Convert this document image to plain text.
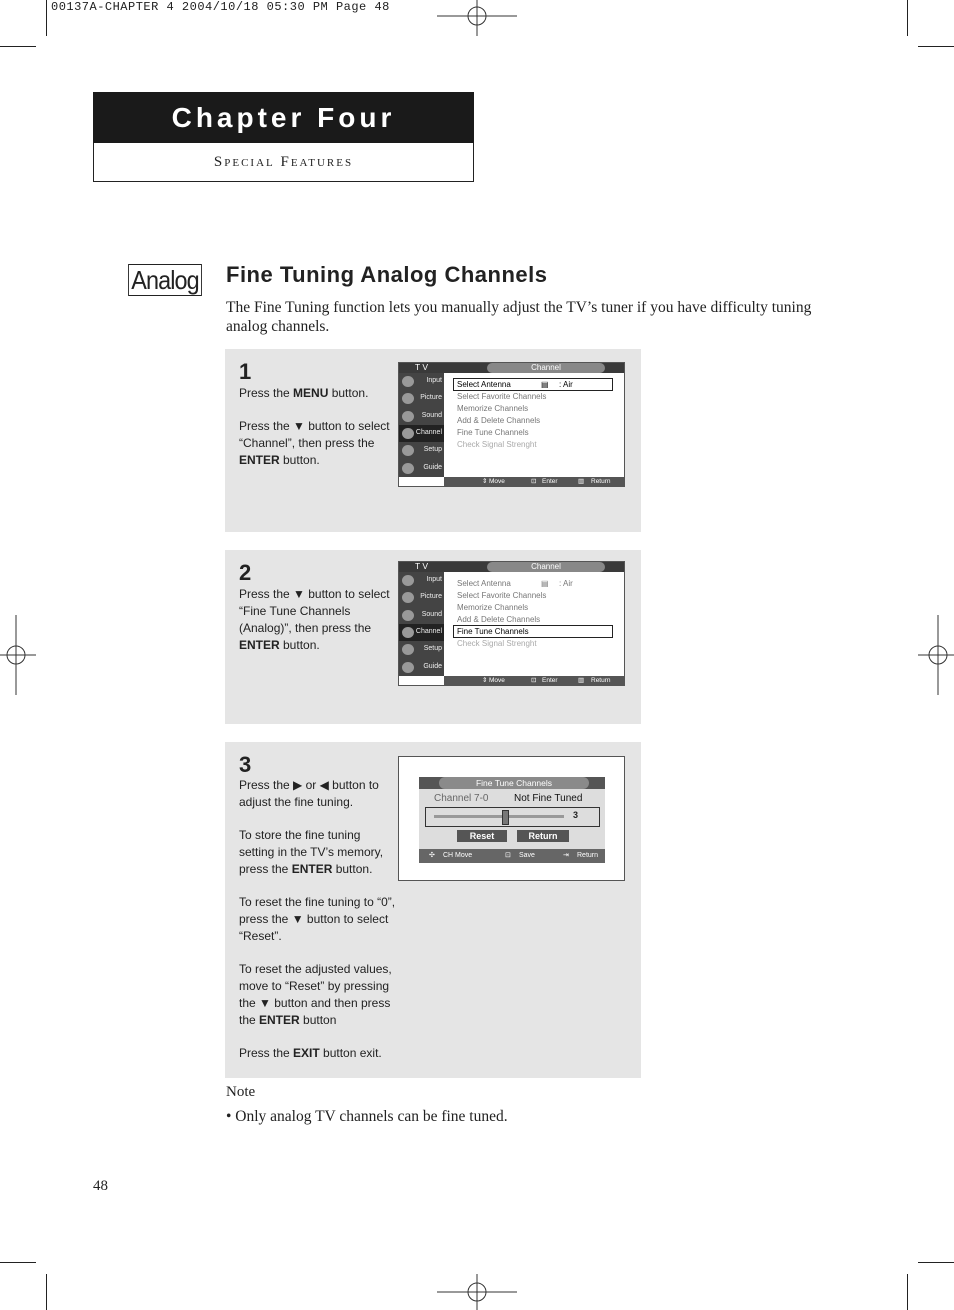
00137A-CHAPTER 4 2004/10/18 05:30 PM Page 48
Chapter Four
Special Features
Analog Fine Tuning Analog Channels
The Fine Tuning function lets you manually adjust the TV’s tuner if you have difficulty tuning analog channels.
1
Press the MENU button.
Press the ▼ button to select “Channel”, then press the ENTER button.
T V	Channel
Input
Picture
Sound
Channel
Setup
Guide
Select Antenna	▤ : Air
Select Favorite Channels
Memorize Channels
Add & Delete Channels
Fine Tune Channels
Check Signal Strenght
⇕ Move	⊡ Enter	▥ Return
2
Press the ▼ button to select “Fine Tune Channels (Analog)”, then press the ENTER button.
T V	Channel
Input
Picture
Sound
Channel
Setup
Guide
Select Antenna	▤ : Air
Select Favorite Channels
Memorize Channels
Add & Delete Channels
Fine Tune Channels
Check Signal Strenght
⇕ Move	⊡ Enter	▥ Return
3
Press the ▶ or ◀ button to adjust the fine tuning.
To store the fine tuning setting in the TV’s memory, press the ENTER button.
To reset the fine tuning to “0”, press the ▼ button to select “Reset”.
To reset the adjusted values, move to “Reset” by pressing the ▼ button and then press the ENTER button
Press the EXIT button exit.
Fine Tune Channels
Channel 7-0	Not Fine Tuned
3
Reset	Return
✣ CH Move	⊡ Save	⇥ Return
Note
• Only analog TV channels can be fine tuned.
48
